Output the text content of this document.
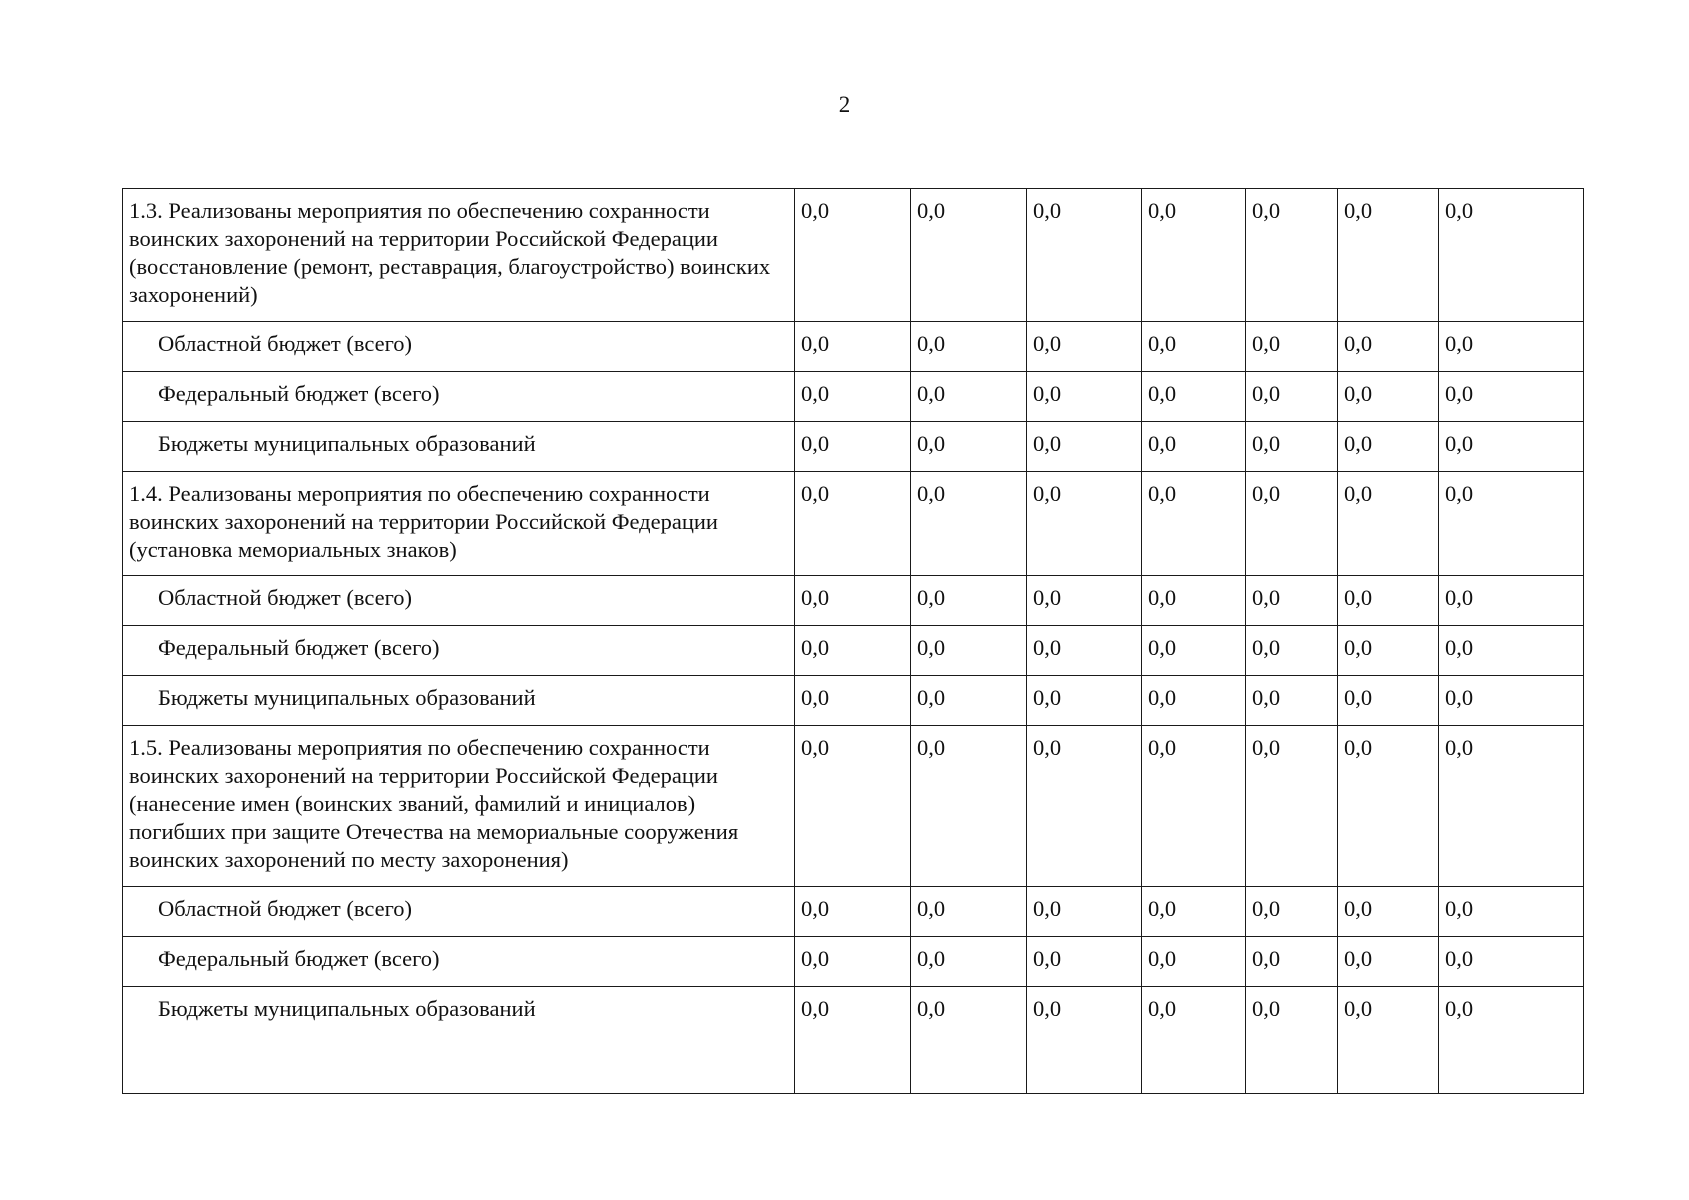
2
1.3. Реализованы мероприятия по обеспечению сохранности воинских захоронений на территории Российской Федерации (восстановление (ремонт, реставрация, благоустройство) воинских захоронений)	0,0	0,0	0,0	0,0	0,0	0,0	0,0
Областной бюджет (всего)	0,0	0,0	0,0	0,0	0,0	0,0	0,0
Федеральный бюджет (всего)	0,0	0,0	0,0	0,0	0,0	0,0	0,0
Бюджеты муниципальных образований	0,0	0,0	0,0	0,0	0,0	0,0	0,0
1.4. Реализованы мероприятия по обеспечению сохранности воинских захоронений на территории Российской Федерации (установка мемориальных знаков)	0,0	0,0	0,0	0,0	0,0	0,0	0,0
Областной бюджет (всего)	0,0	0,0	0,0	0,0	0,0	0,0	0,0
Федеральный бюджет (всего)	0,0	0,0	0,0	0,0	0,0	0,0	0,0
Бюджеты муниципальных образований	0,0	0,0	0,0	0,0	0,0	0,0	0,0
1.5. Реализованы мероприятия по обеспечению сохранности воинских захоронений на территории Российской Федерации (нанесение имен (воинских званий, фамилий и инициалов) погибших при защите Отечества на мемориальные сооружения воинских захоронений по месту захоронения)	0,0	0,0	0,0	0,0	0,0	0,0	0,0
Областной бюджет (всего)	0,0	0,0	0,0	0,0	0,0	0,0	0,0
Федеральный бюджет (всего)	0,0	0,0	0,0	0,0	0,0	0,0	0,0
Бюджеты муниципальных образований	0,0	0,0	0,0	0,0	0,0	0,0	0,0
